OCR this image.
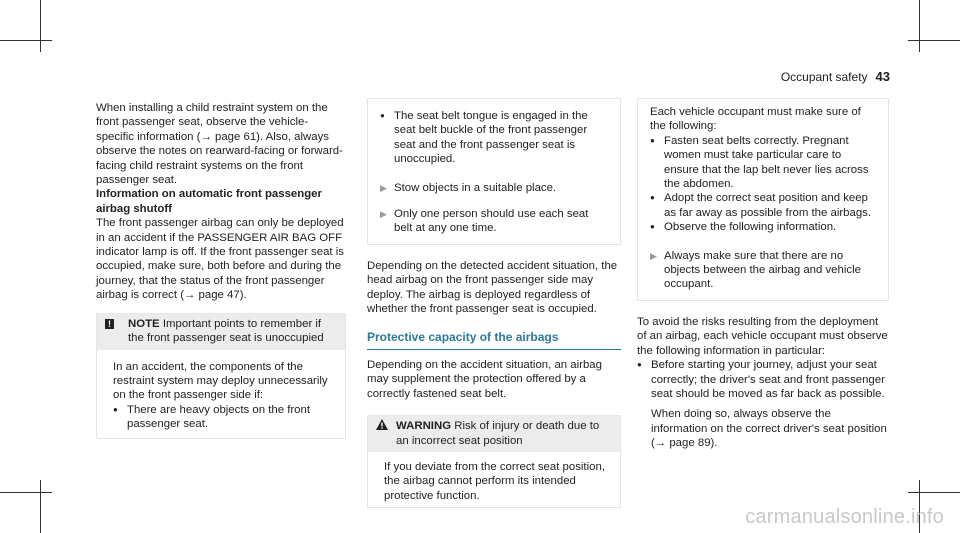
Occupant safety 43

When installing a child restraint system on the front passenger seat, observe the vehicle-specific information (→ page 61). Also, always observe the notes on rearward-facing or forward-facing child restraint systems on the front passenger seat.

Information on automatic front passenger airbag shutoff

The front passenger airbag can only be deployed in an accident if the PASSENGER AIR BAG OFF indicator lamp is off. If the front passenger seat is occupied, make sure, both before and during the journey, that the status of the front passenger airbag is correct (→ page 47).

! NOTE Important points to remember if the front passenger seat is unoccupied

In an accident, the components of the restraint system may deploy unnecessarily on the front passenger side if:

● There are heavy objects on the front passenger seat.
● The seat belt tongue is engaged in the seat belt buckle of the front passenger seat and the front passenger seat is unoccupied.
▶ Stow objects in a suitable place.
▶ Only one person should use each seat belt at any one time.

Depending on the detected accident situation, the head airbag on the front passenger side may deploy. The airbag is deployed regardless of whether the front passenger seat is occupied.

Protective capacity of the airbags

Depending on the accident situation, an airbag may supplement the protection offered by a correctly fastened seat belt.

WARNING Risk of injury or death due to an incorrect seat position

If you deviate from the correct seat position, the airbag cannot perform its intended protective function.

Each vehicle occupant must make sure of the following:

● Fasten seat belts correctly. Pregnant women must take particular care to ensure that the lap belt never lies across the abdomen.
● Adopt the correct seat position and keep as far away as possible from the airbags.
● Observe the following information.
▶ Always make sure that there are no objects between the airbag and vehicle occupant.

To avoid the risks resulting from the deployment of an airbag, each vehicle occupant must observe the following information in particular:

● Before starting your journey, adjust your seat correctly; the driver's seat and front passenger seat should be moved as far back as possible.

When doing so, always observe the information on the correct driver's seat position (→ page 89).

carmanualsonline.info
